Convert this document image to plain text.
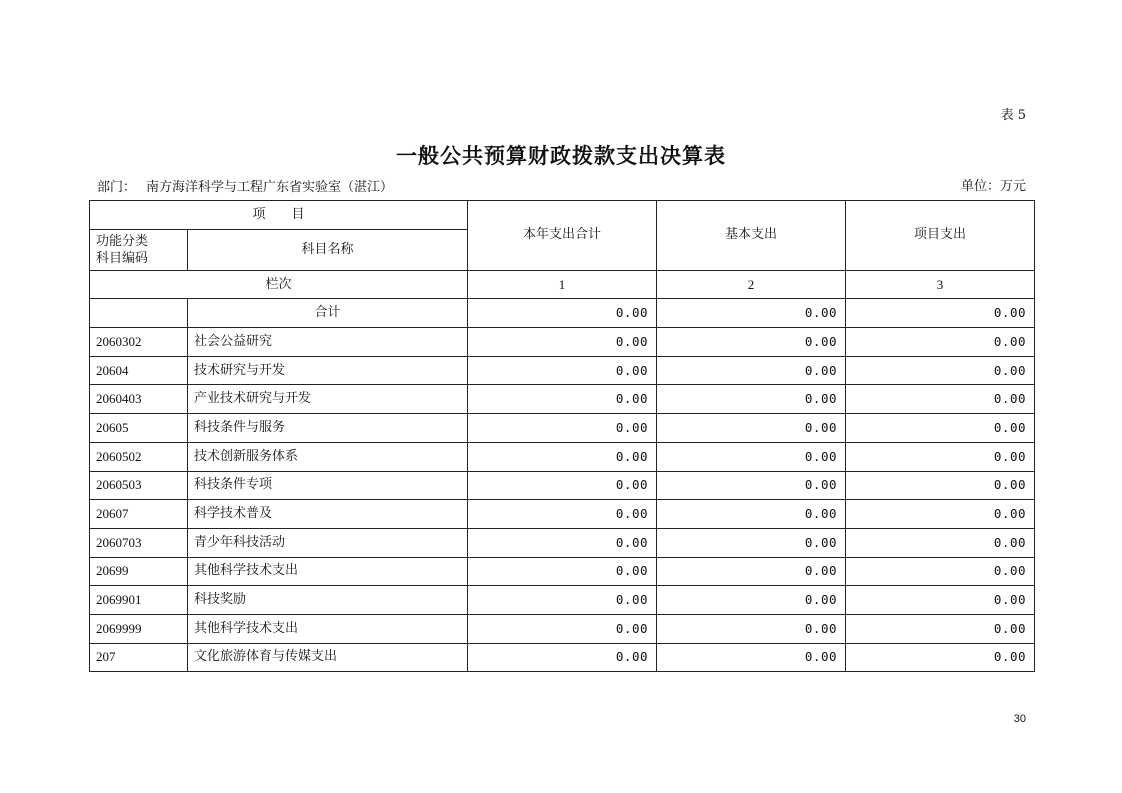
表 5
一般公共预算财政拨款支出决算表
部门： 南方海洋科学与工程广东省实验室（湛江）	单位：万元
项　　目		本年支出合计	基本支出	项目支出
功能分类
科目编码	科目名称			
栏次		1	2	3
	合计	0.00	0.00	0.00
2060302	社会公益研究	0.00	0.00	0.00
20604	技术研究与开发	0.00	0.00	0.00
2060403	产业技术研究与开发	0.00	0.00	0.00
20605	科技条件与服务	0.00	0.00	0.00
2060502	技术创新服务体系	0.00	0.00	0.00
2060503	科技条件专项	0.00	0.00	0.00
20607	科学技术普及	0.00	0.00	0.00
2060703	青少年科技活动	0.00	0.00	0.00
20699	其他科学技术支出	0.00	0.00	0.00
2069901	科技奖励	0.00	0.00	0.00
2069999	其他科学技术支出	0.00	0.00	0.00
207	文化旅游体育与传媒支出	0.00	0.00	0.00
30
